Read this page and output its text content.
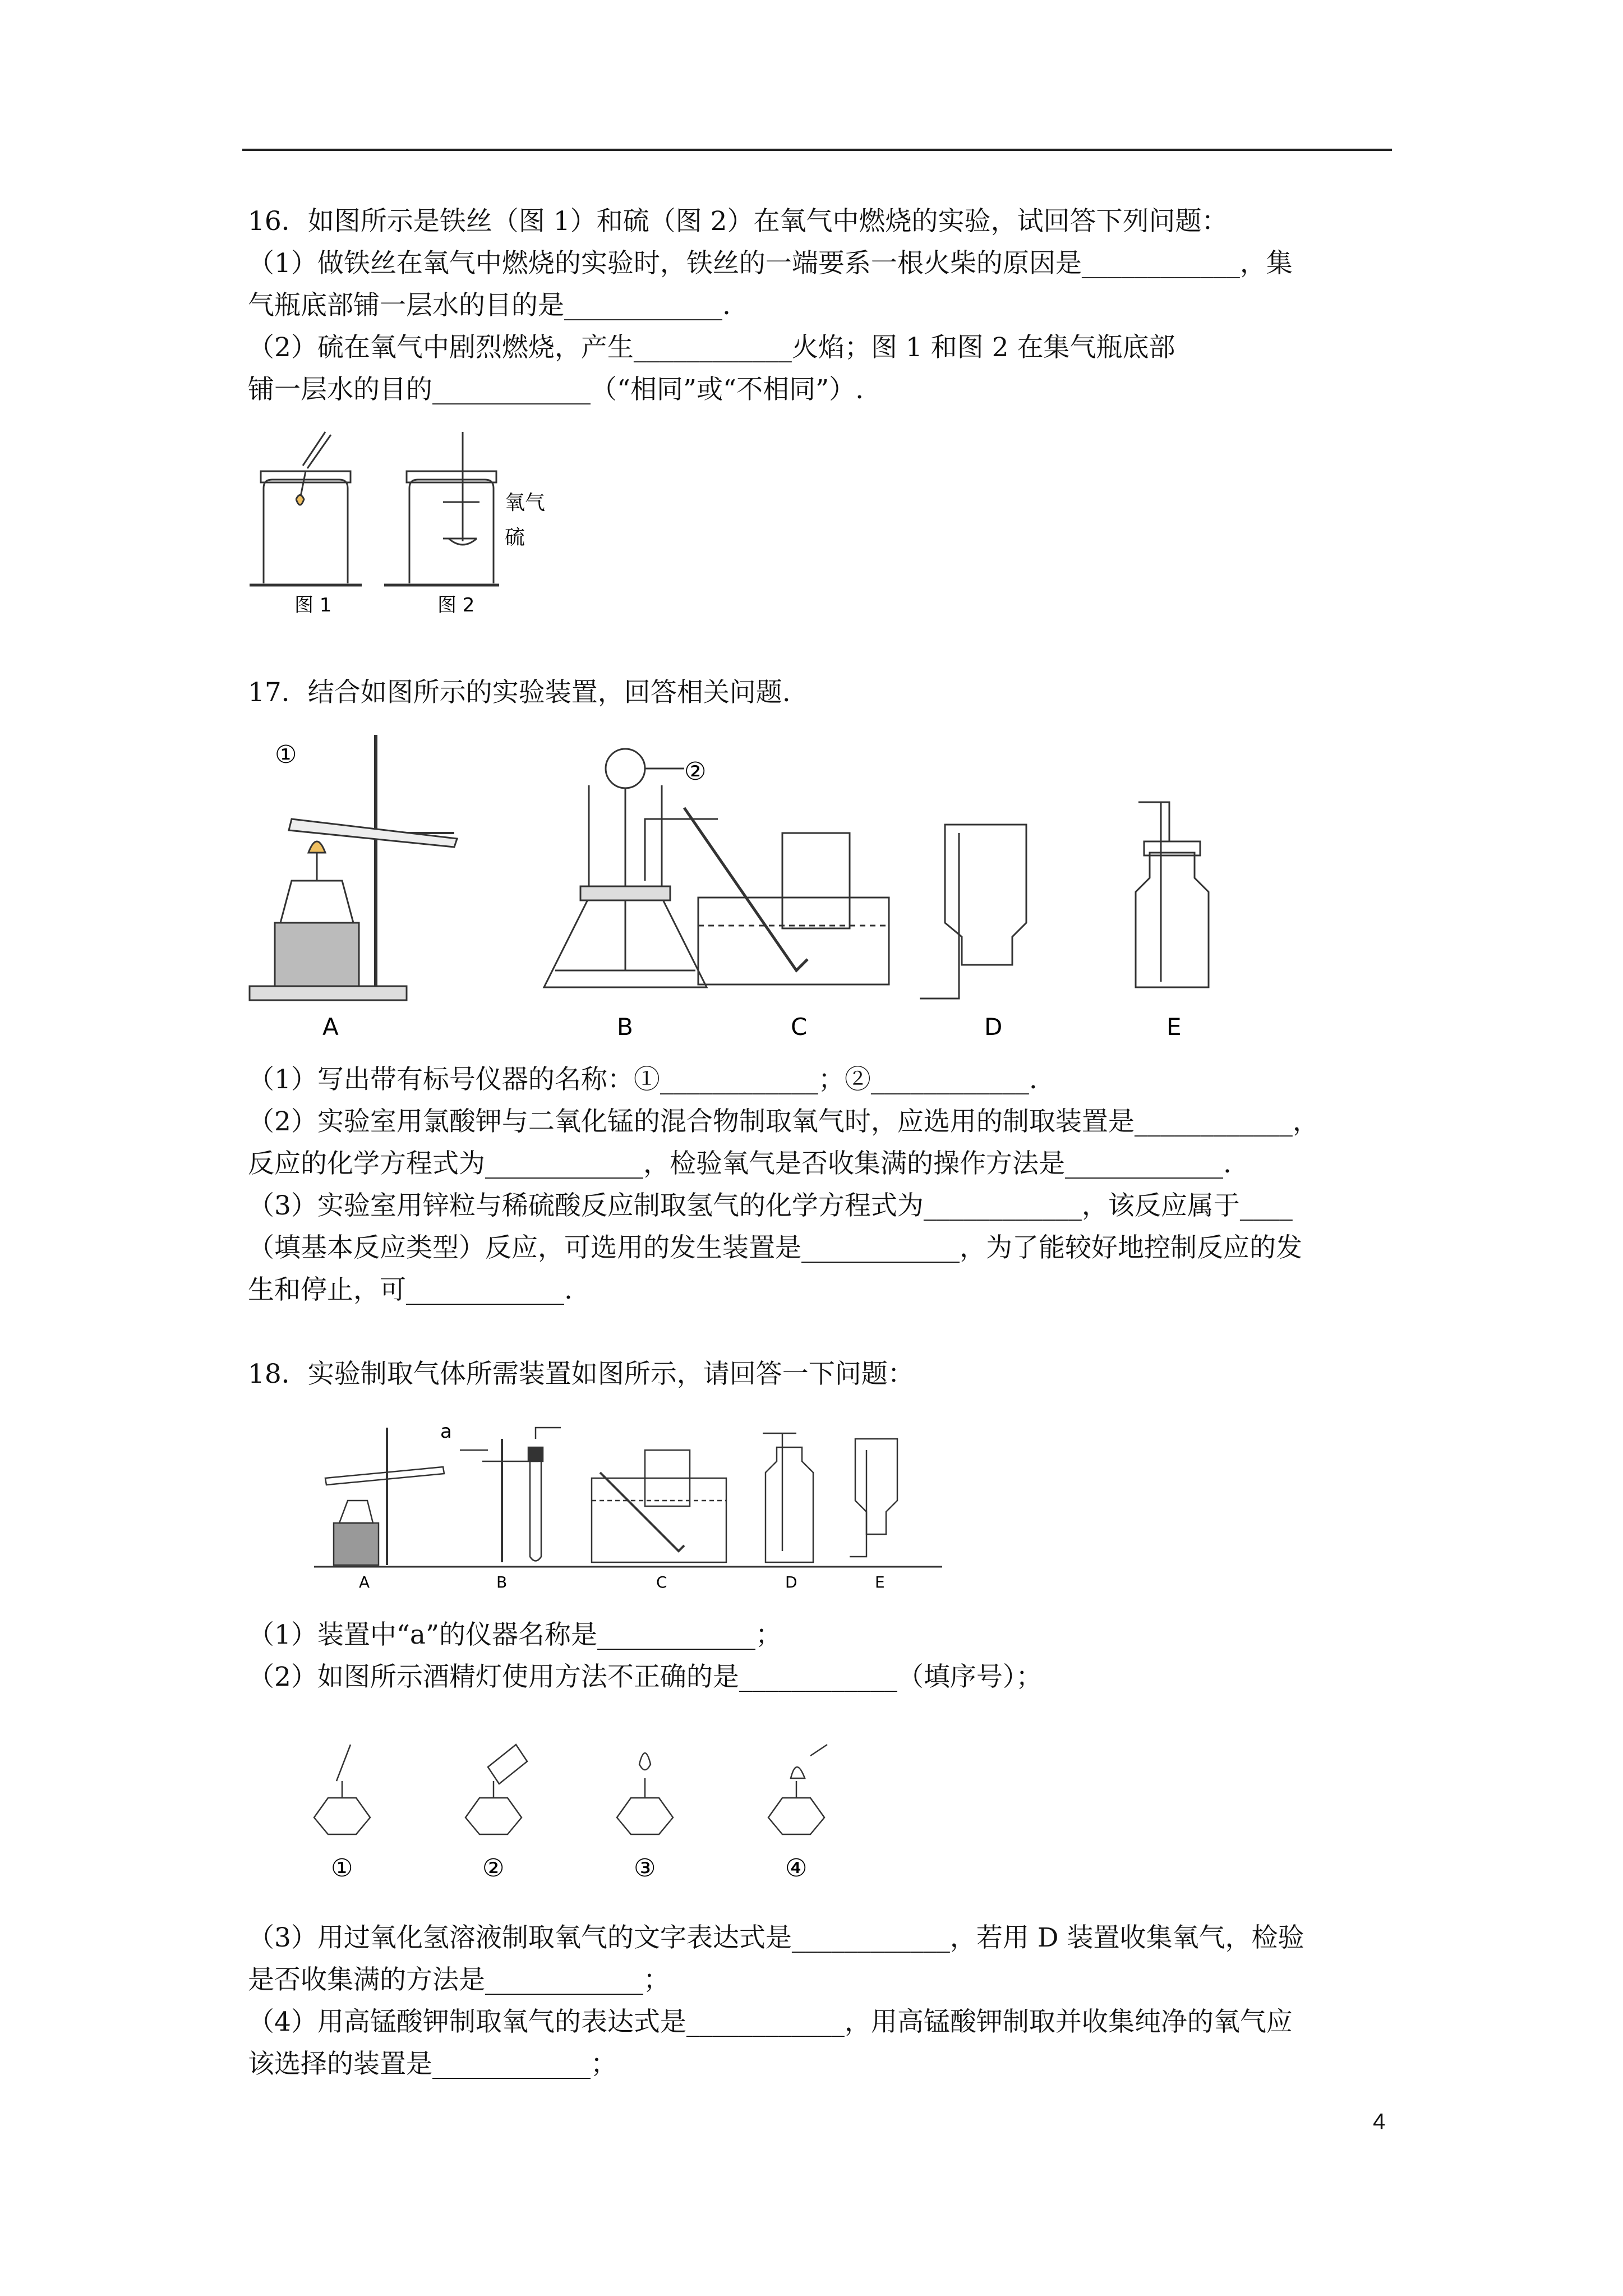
16．如图所示是铁丝（图 1）和硫（图 2）在氧气中燃烧的实验，试回答下列问题：
（1）做铁丝在氧气中燃烧的实验时，铁丝的一端要系一根火柴的原因是____________，集
气瓶底部铺一层水的目的是____________.
（2）硫在氧气中剧烈燃烧，产生____________火焰；图 1 和图 2 在集气瓶底部
铺一层水的目的____________（“相同”或“不相同”）.
氧气
硫
图 1	图 2
17．结合如图所示的实验装置，回答相关问题.
①
②
A	B	C	D	E
（1）写出带有标号仪器的名称：①____________；②____________.
（2）实验室用氯酸钾与二氧化锰的混合物制取氧气时，应选用的制取装置是____________，
反应的化学方程式为____________，检验氧气是否收集满的操作方法是____________.
（3）实验室用锌粒与稀硫酸反应制取氢气的化学方程式为____________，该反应属于____
（填基本反应类型）反应，可选用的发生装置是____________，为了能较好地控制反应的发
生和停止，可____________.
18．实验制取气体所需装置如图所示，请回答一下问题：
a
A	B	C	D	E
（1）装置中“a”的仪器名称是____________；
（2）如图所示酒精灯使用方法不正确的是____________（填序号）；
①	②	③	④
（3）用过氧化氢溶液制取氧气的文字表达式是____________，若用 D 装置收集氧气，检验
是否收集满的方法是____________；
（4）用高锰酸钾制取氧气的表达式是____________，用高锰酸钾制取并收集纯净的氧气应
该选择的装置是____________；
4
